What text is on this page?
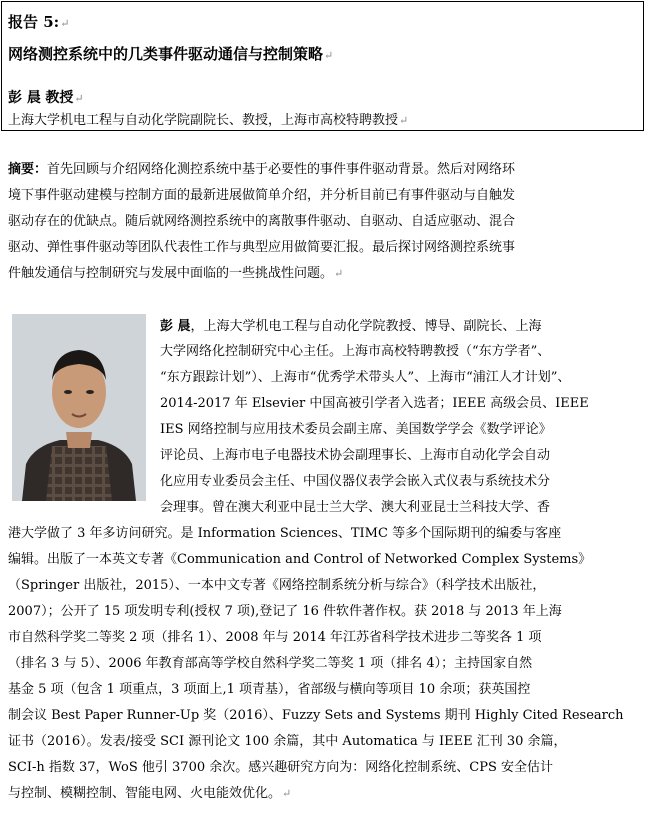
报告 5:↵
网络测控系统中的几类事件驱动通信与控制策略↵
彭 晨 教授↵
上海大学机电工程与自动化学院副院长、教授，上海市高校特聘教授↵
摘要：首先回顾与介绍网络化测控系统中基于必要性的事件事件驱动背景。然后对网络环
境下事件驱动建模与控制方面的最新进展做简单介绍，并分析目前已有事件驱动与自触发
驱动存在的优缺点。随后就网络测控系统中的离散事件驱动、自驱动、自适应驱动、混合
驱动、弹性事件驱动等团队代表性工作与典型应用做简要汇报。最后探讨网络测控系统事
件触发通信与控制研究与发展中面临的一些挑战性问题。↵
彭 晨，上海大学机电工程与自动化学院教授、博导、副院长、上海
大学网络化控制研究中心主任。上海市高校特聘教授（“东方学者”、
“东方跟踪计划”）、上海市“优秀学术带头人”、上海市“浦江人才计划”、
2014-2017 年 Elsevier 中国高被引学者入选者；IEEE 高级会员、IEEE
IES 网络控制与应用技术委员会副主席、美国数学学会《数学评论》
评论员、上海市电子电器技术协会副理事长、上海市自动化学会自动
化应用专业委员会主任、中国仪器仪表学会嵌入式仪表与系统技术分
会理事。曾在澳大利亚中昆士兰大学、澳大利亚昆士兰科技大学、香
港大学做了 3 年多访问研究。是 Information Sciences、TIMC 等多个国际期刊的编委与客座
编辑。出版了一本英文专著《Communication and Control of Networked Complex Systems》
（Springer 出版社，2015）、一本中文专著《网络控制系统分析与综合》（科学技术出版社，
2007）；公开了 15 项发明专利(授权 7 项),登记了 16 件软件著作权。获 2018 与 2013 年上海
市自然科学奖二等奖 2 项（排名 1）、2008 年与 2014 年江苏省科学技术进步二等奖各 1 项
（排名 3 与 5）、2006 年教育部高等学校自然科学奖二等奖 1 项（排名 4）；主持国家自然
基金 5 项（包含 1 项重点，3 项面上,1 项青基），省部级与横向等项目 10 余项；获英国控
制会议 Best Paper Runner-Up 奖（2016）、Fuzzy Sets and Systems 期刊 Highly Cited Research
证书（2016）。发表/接受 SCI 源刊论文 100 余篇，其中 Automatica 与 IEEE 汇刊 30 余篇，
SCI-h 指数 37，WoS 他引 3700 余次。感兴趣研究方向为：网络化控制系统、CPS 安全估计
与控制、模糊控制、智能电网、火电能效优化。↵
